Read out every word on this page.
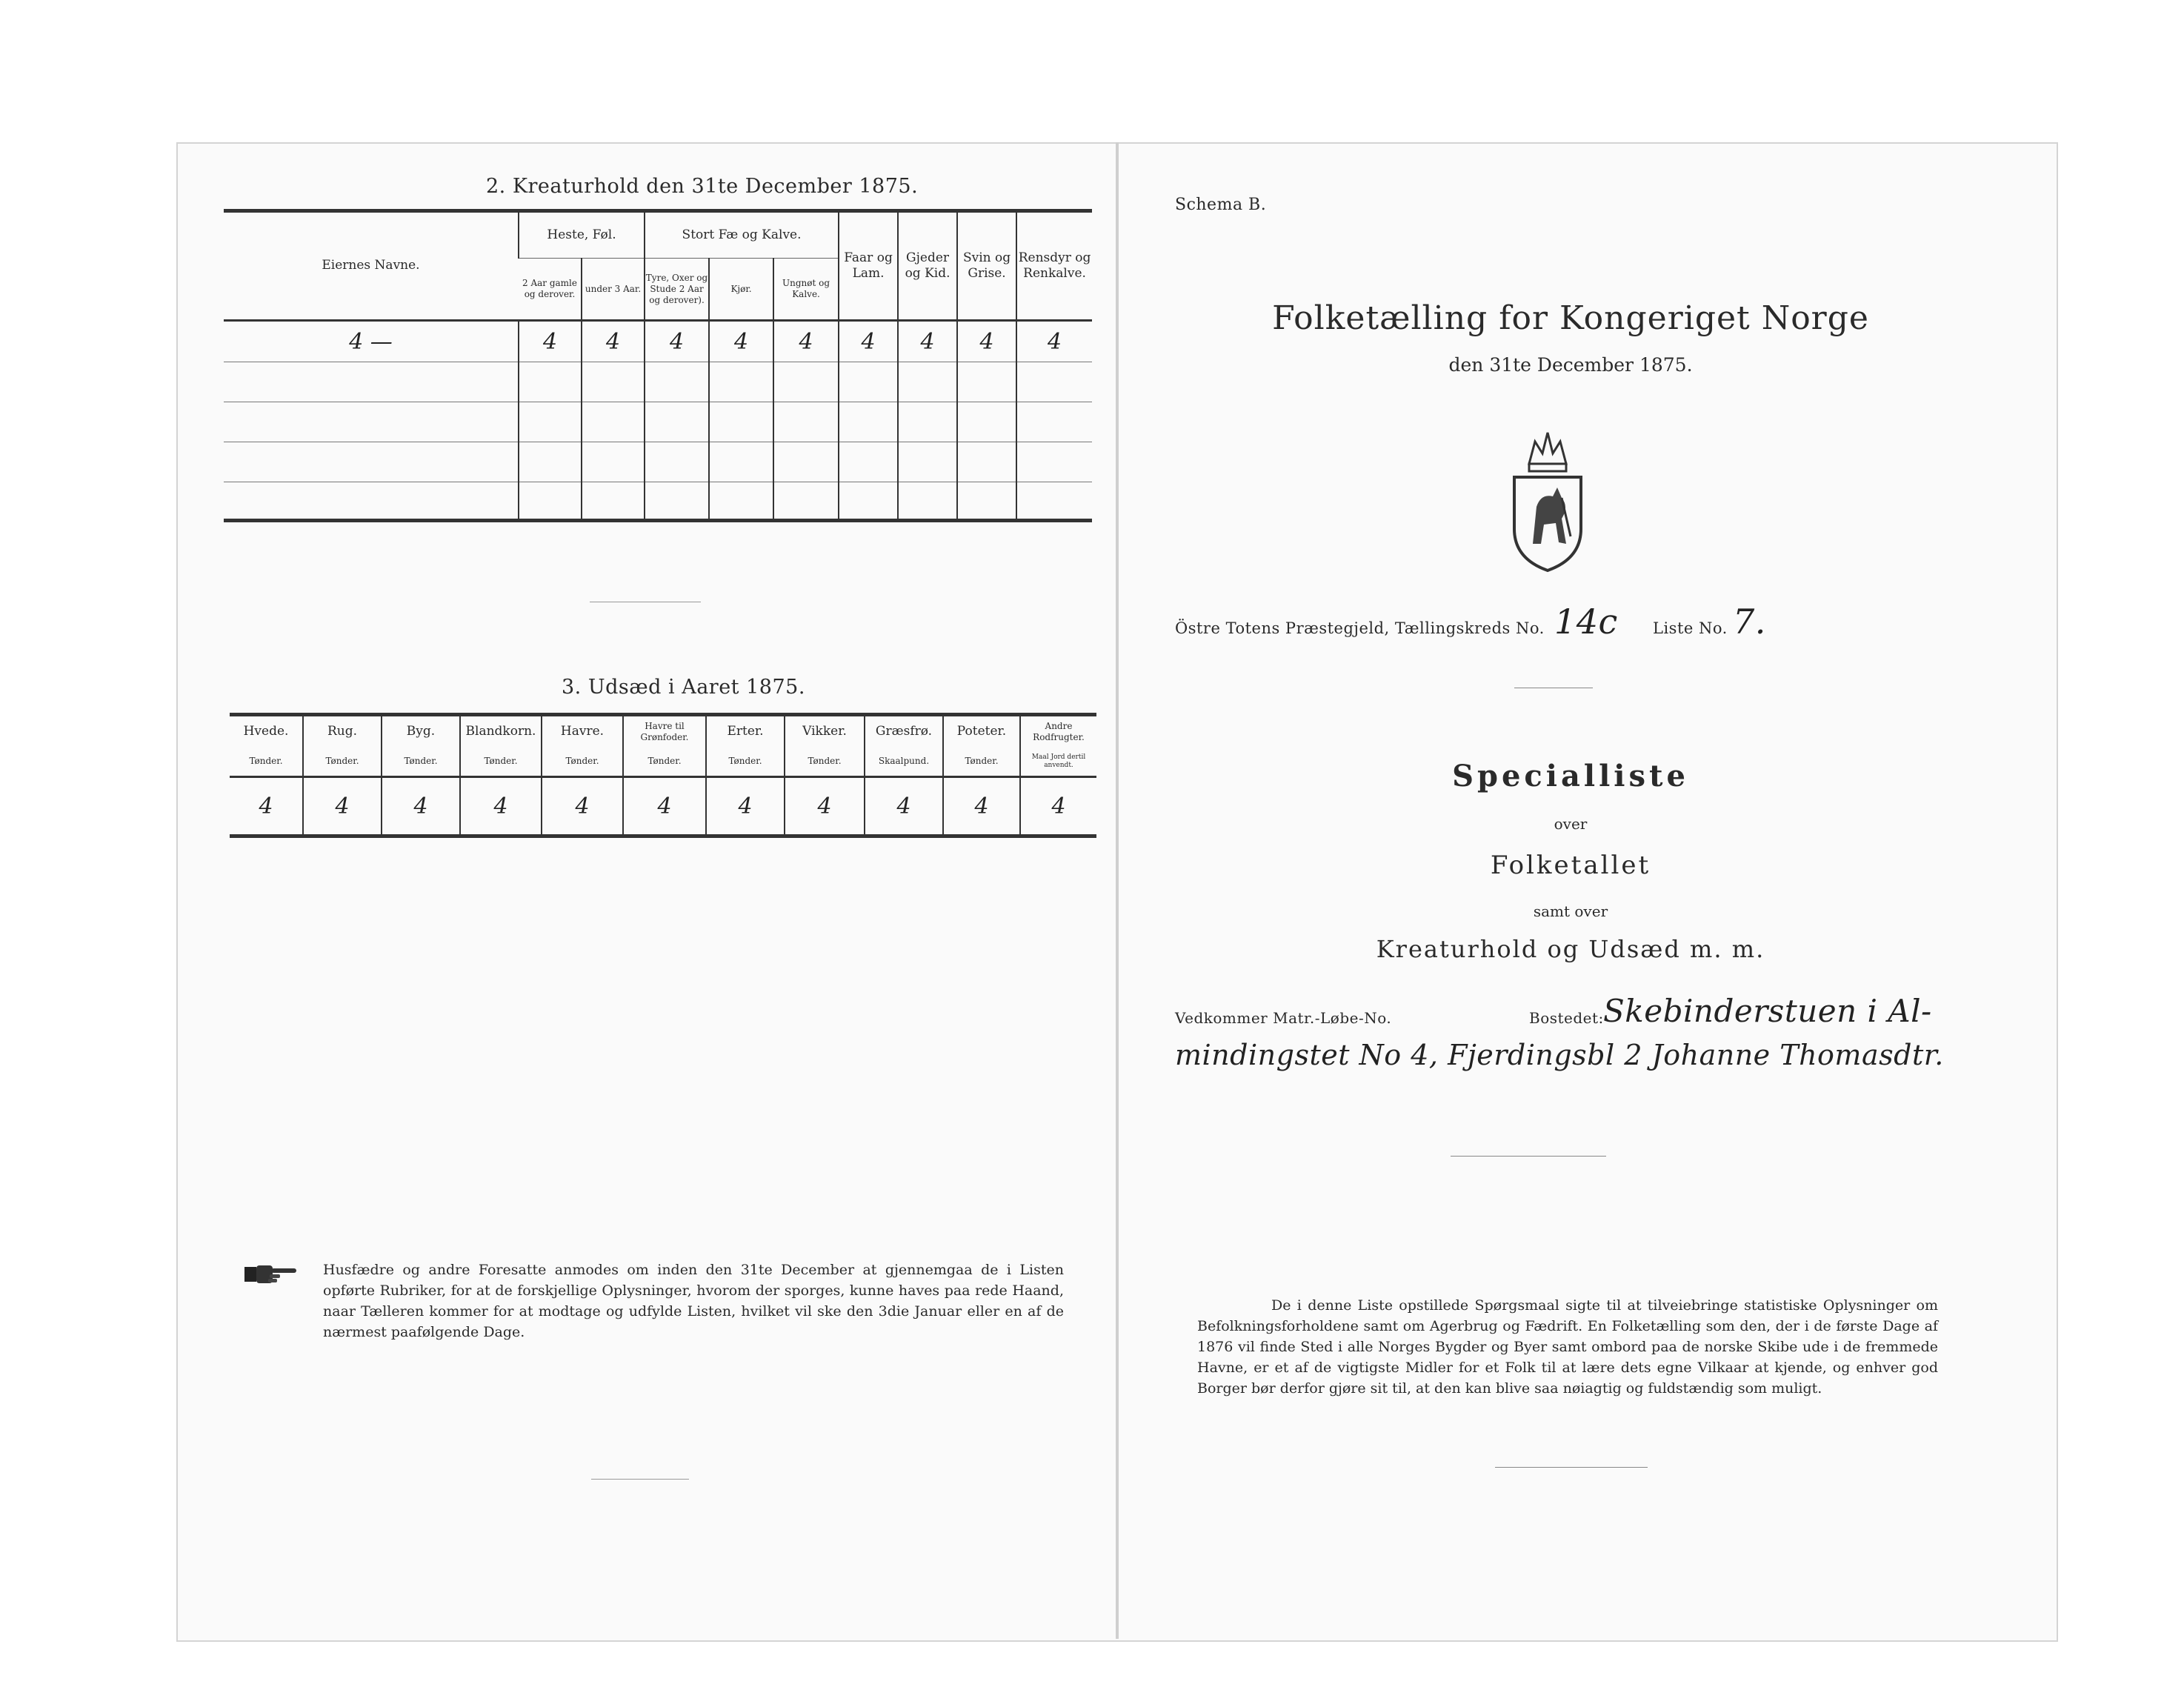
2. Kreaturhold den 31te December 1875.
Eiernes Navne.	Heste, Føl.		Stort Fæ og Kalve.			Faar og Lam.	Gjeder og Kid.	Svin og Grise.	Rensdyr og Renkalve.
	2 Aar gamle og derover.	under 3 Aar.	Tyre, Oxer og Stude 2 Aar og derover).	Kjør.	Ungnøt og Kalve.				
4 —	4	4	4	4	4	4	4	4	4

3. Udsæd i Aaret 1875.
Hvede.	Rug.	Byg.	Blandkorn.	Havre.	Havre til Grønfoder.	Erter.	Vikker.	Græsfrø.	Poteter.	Andre Rodfrugter.
Tønder.	Tønder.	Tønder.	Tønder.	Tønder.	Tønder.	Tønder.	Tønder.	Skaalpund.	Tønder.	Maal Jord dertil anvendt.
4	4	4	4	4	4	4	4	4	4	4
Husfædre og andre Foresatte anmodes om inden den 31te December at gjennemgaa de i Listen opførte Rubriker, for at de forskjellige Oplysninger, hvorom der sporges, kunne haves paa rede Haand, naar Tælleren kommer for at modtage og udfylde Listen, hvilket vil ske den 3die Januar eller en af de nærmest paafølgende Dage.
Schema B.
Folketælling for Kongeriget Norge
den 31te December 1875.
Östre Totens Præstegjeld, Tællingskreds No. 14c Liste No. 7.
Specialliste
over
Folketallet
samt over
Kreaturhold og Udsæd m. m.
Vedkommer Matr.-Løbe-No.	Bostedet: Skebinderstuen i Al-
mindingstet No 4, Fjerdingsbl 2 Johanne Thomasdtr.
De i denne Liste opstillede Spørgsmaal sigte til at tilveiebringe statistiske Oplysninger om Befolkningsforholdene samt om Agerbrug og Fædrift. En Folketælling som den, der i de første Dage af 1876 vil finde Sted i alle Norges Bygder og Byer samt ombord paa de norske Skibe ude i de fremmede Havne, er et af de vigtigste Midler for et Folk til at lære dets egne Vilkaar at kjende, og enhver god Borger bør derfor gjøre sit til, at den kan blive saa nøiagtig og fuldstændig som muligt.
